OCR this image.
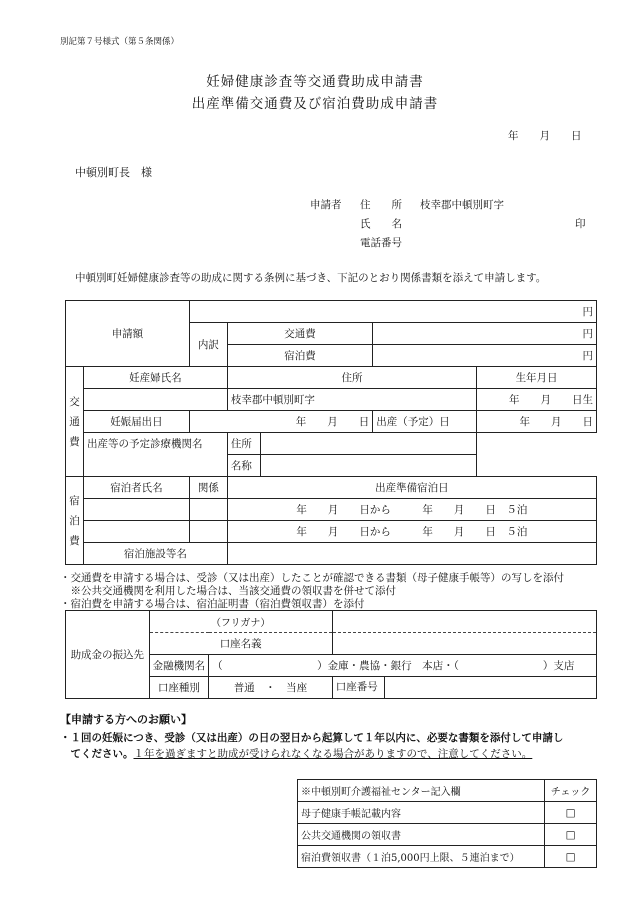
別記第７号様式（第５条関係）
妊婦健康診査等交通費助成申請書
出産準備交通費及び宿泊費助成申請書
年　　月　　日
中頓別町長　様
申請者 住　　所 枝幸郡中頓別町字
氏　　名	印
電話番号
中頓別町妊婦健康診査等の助成に関する条例に基づき、下記のとおり関係書類を添えて申請します。
申請額		円				
		内訳	交通費		円	
			宿泊費		円	

交通費	妊産婦氏名		住所			生年月日
			枝幸郡中頓別町字			年　　月　　日生
	妊娠届出日	年　　月　　日			出産（予定）日	年　　月　　日
	出産等の予定診療機関名		住所			
			名称			

宿泊費	宿泊者氏名	関係	出産準備宿泊日			
			年　　月　　日から　　　年　　月　　日　５泊			
			年　　月　　日から　　　年　　月　　日　５泊			
	宿泊施設等名					
・交通費を申請する場合は、受診（又は出産）したことが確認できる書類（母子健康手帳等）の写しを添付
　※公共交通機関を利用した場合は、当該交通費の領収書を併せて添付
・宿泊費を申請する場合は、宿泊証明書（宿泊費領収書）を添付
助成金の振込先	（フリガナ）		
	口座名義		
	金融機関名	（　　　　　　　　　）金庫・農協・銀行　本店・（　　　　　　　　）支店	
	口座種別	普通　・　当座	口座番号
【申請する方へのお願い】
・１回の妊娠につき、受診（又は出産）の日の翌日から起算して１年以内に、必要な書類を添付して申請し
　てください。１年を過ぎますと助成が受けられなくなる場合がありますので、注意してください。
※中頓別町介護福祉センター記入欄	チェック
母子健康手帳記載内容	□
公共交通機関の領収書	□
宿泊費領収書（１泊5,000円上限、５連泊まで）	□
